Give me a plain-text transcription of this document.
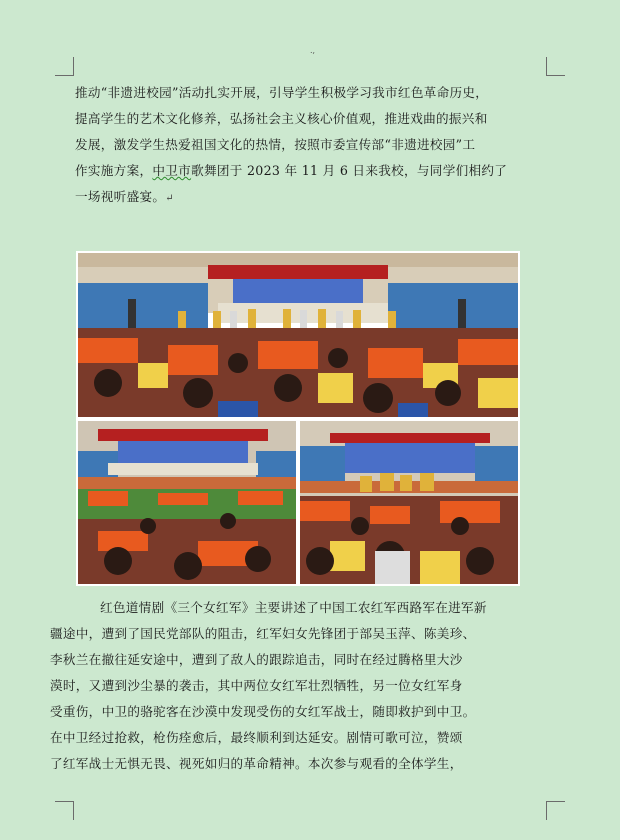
.,
推动“非遗进校园”活动扎实开展，引导学生积极学习我市红色革命历史，
提高学生的艺术文化修养，弘扬社会主义核心价值观，推进戏曲的振兴和
发展，激发学生热爱祖国文化的热情，按照市委宣传部“非遗进校园”工
作实施方案，中卫市歌舞团于 2023 年 11 月 6 日来我校，与同学们相约了
一场视听盛宴。↵
红色道情剧《三个女红军》主要讲述了中国工农红军西路军在进军新
疆途中，遭到了国民党部队的阻击，红军妇女先锋团于部吴玉萍、陈美珍、
李秋兰在撤往延安途中，遭到了敌人的跟踪追击，同时在经过腾格里大沙
漠时，又遭到沙尘暴的袭击，其中两位女红军壮烈牺牲，另一位女红军身
受重伤，中卫的骆驼客在沙漠中发现受伤的女红军战士，随即救护到中卫。
在中卫经过抢救，枪伤痊愈后，最终顺利到达延安。剧情可歌可泣，赞颂
了红军战士无惧无畏、视死如归的革命精神。本次参与观看的全体学生，
